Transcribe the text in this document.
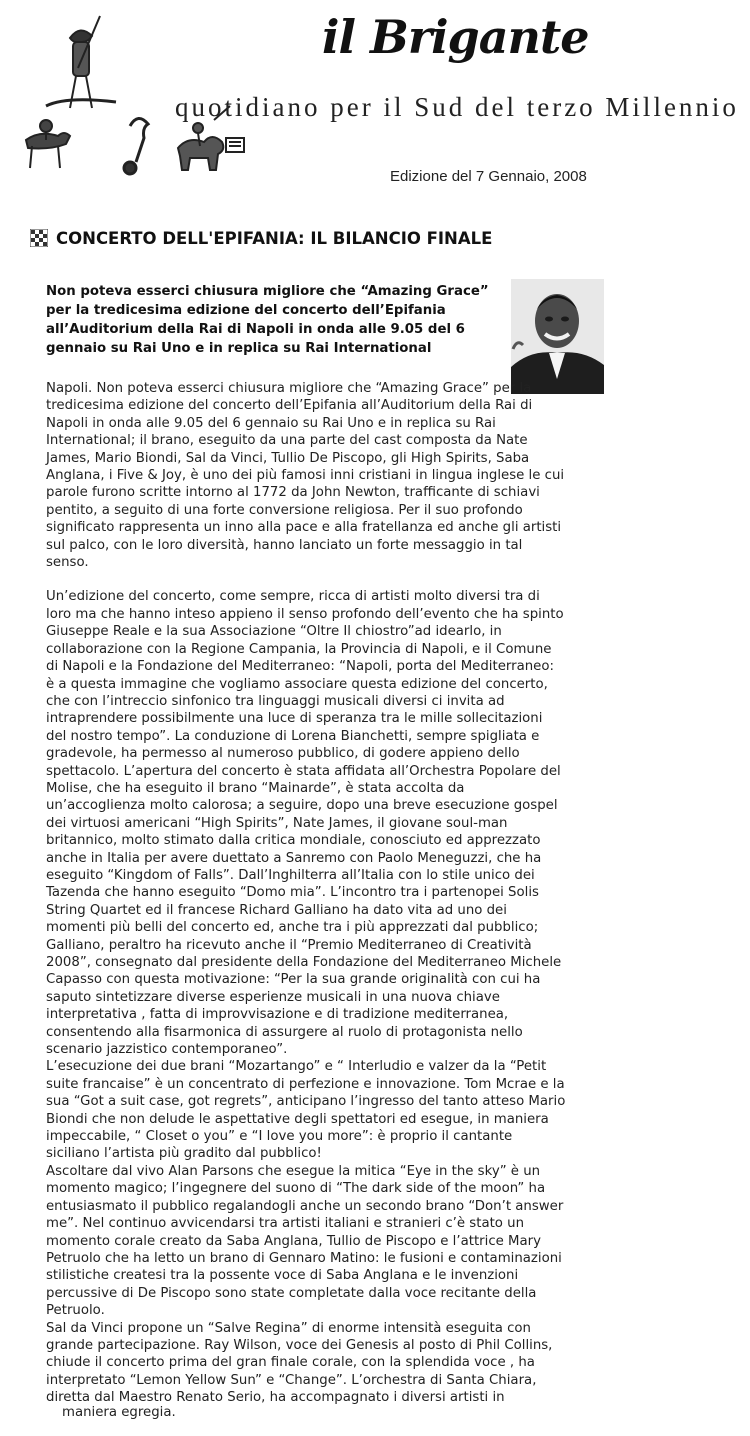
il Brigante

quotidiano per il Sud del terzo Millennio

Edizione del 7 Gennaio, 2008
CONCERTO DELL'EPIFANIA: IL BILANCIO FINALE

Non poteva esserci chiusura migliore che “Amazing Grace” per la tredicesima edizione del concerto dell’Epifania all’Auditorium della Rai di Napoli in onda alle 9.05 del 6 gennaio su Rai Uno e in replica su Rai International

Napoli. Non poteva esserci chiusura migliore che “Amazing Grace” per la tredicesima edizione del concerto dell’Epifania all’Auditorium della Rai di Napoli in onda alle 9.05 del 6 gennaio su Rai Uno e in replica su Rai International; il brano, eseguito da una parte del cast composta da Nate James, Mario Biondi, Sal da Vinci, Tullio De Piscopo, gli High Spirits, Saba Anglana, i Five & Joy, è uno dei più famosi inni cristiani in lingua inglese le cui parole furono scritte intorno al 1772 da John Newton, trafficante di schiavi pentito, a seguito di una forte conversione religiosa. Per il suo profondo significato rappresenta un inno alla pace e alla fratellanza ed anche gli artisti sul palco, con le loro diversità, hanno lanciato un forte messaggio in tal senso.

Un’edizione del concerto, come sempre, ricca di artisti molto diversi tra di loro ma che hanno inteso appieno il senso profondo dell’evento che ha spinto Giuseppe Reale e la sua Associazione “Oltre Il chiostro”ad idearlo, in collaborazione con la Regione Campania, la Provincia di Napoli, e il Comune di Napoli e la Fondazione del Mediterraneo: “Napoli, porta del Mediterraneo: è a questa immagine che vogliamo associare questa edizione del concerto, che con l’intreccio sinfonico tra linguaggi musicali diversi ci invita ad intraprendere possibilmente una luce di speranza tra le mille sollecitazioni del nostro tempo”. La conduzione di Lorena Bianchetti, sempre spigliata e gradevole, ha permesso al numeroso pubblico, di godere appieno dello spettacolo. L’apertura del concerto è stata affidata all’Orchestra Popolare del Molise, che ha eseguito il brano “Mainarde”, è stata accolta da un’accoglienza molto calorosa; a seguire, dopo una breve esecuzione gospel dei virtuosi americani “High Spirits”, Nate James, il giovane soul-man britannico, molto stimato dalla critica mondiale, conosciuto ed apprezzato anche in Italia per avere duettato a Sanremo con Paolo Meneguzzi, che ha eseguito “Kingdom of Falls”. Dall’Inghilterra all’Italia con lo stile unico dei Tazenda che hanno eseguito “Domo mia”. L’incontro tra i partenopei Solis String Quartet ed il francese Richard Galliano ha dato vita ad uno dei momenti più belli del concerto ed, anche tra i più apprezzati dal pubblico; Galliano, peraltro ha ricevuto anche il “Premio Mediterraneo di Creatività 2008”, consegnato dal presidente della Fondazione del Mediterraneo Michele Capasso con questa motivazione: “Per la sua grande originalità con cui ha saputo sintetizzare diverse esperienze musicali in una nuova chiave interpretativa , fatta di improvvisazione e di tradizione mediterranea, consentendo alla fisarmonica di assurgere al ruolo di protagonista nello scenario jazzistico contemporaneo”.

L’esecuzione dei due brani “Mozartango” e “ Interludio e valzer da la “Petit suite francaise” è un concentrato di perfezione e innovazione. Tom Mcrae e la sua “Got a suit case, got regrets”, anticipano l’ingresso del tanto atteso Mario Biondi che non delude le aspettative degli spettatori ed esegue, in maniera impeccabile, “ Closet o you” e “I love you more”: è proprio il cantante siciliano l’artista più gradito dal pubblico!

Ascoltare dal vivo Alan Parsons che esegue la mitica “Eye in the sky” è un momento magico; l’ingegnere del suono di “The dark side of the moon” ha entusiasmato il pubblico regalandogli anche un secondo brano “Don’t answer me”. Nel continuo avvicendarsi tra artisti italiani e stranieri c’è stato un momento corale creato da Saba Anglana, Tullio de Piscopo e l’attrice Mary Petruolo che ha letto un brano di Gennaro Matino: le fusioni e contaminazioni stilistiche createsi tra la possente voce di Saba Anglana e le invenzioni percussive di De Piscopo sono state completate dalla voce recitante della Petruolo.

Sal da Vinci propone un “Salve Regina” di enorme intensità eseguita con grande partecipazione. Ray Wilson, voce dei Genesis al posto di Phil Collins, chiude il concerto prima del gran finale corale, con la splendida voce , ha interpretato “Lemon Yellow Sun” e “Change”. L’orchestra di Santa Chiara, diretta dal Maestro Renato Serio, ha accompagnato i diversi artisti in

maniera egregia.
